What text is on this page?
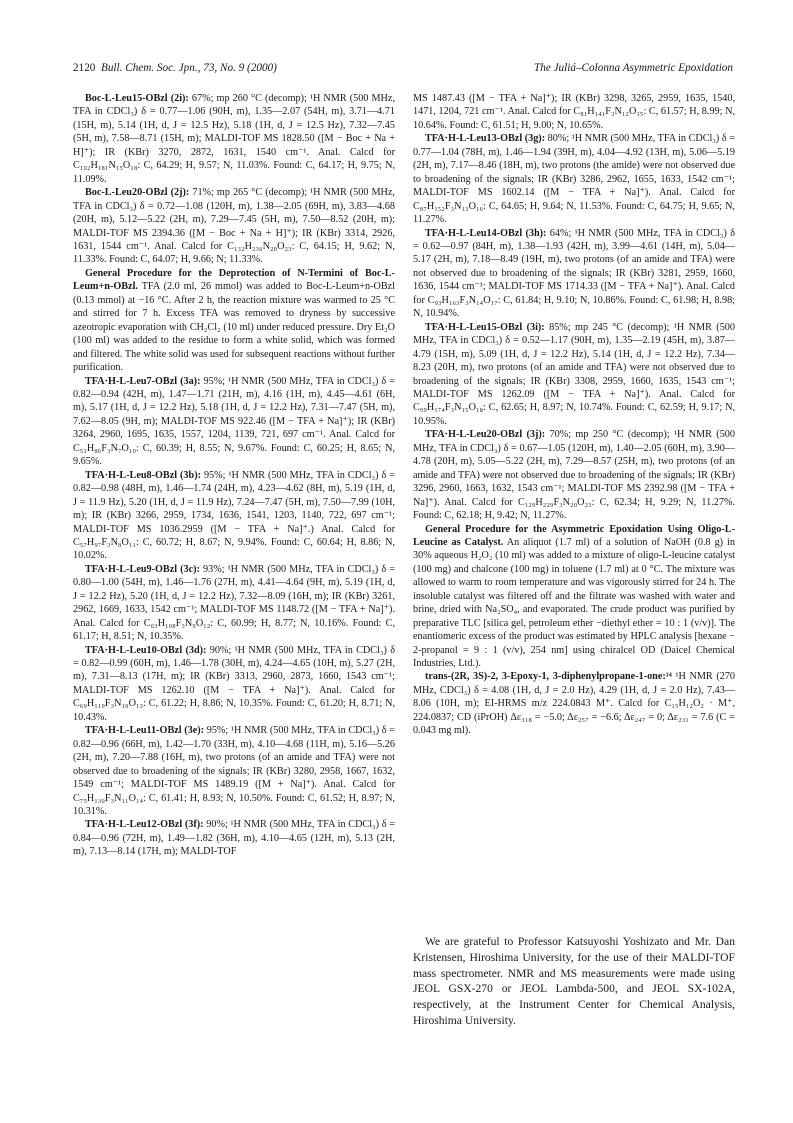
2120 Bull. Chem. Soc. Jpn., 73, No. 9 (2000)	The Juliá–Colonna Asymmetric Epoxidation

Boc-L-Leu15-OBzl (2i): 67%; mp 260 °C (decomp); ¹H NMR (500 MHz, TFA in CDCl₃) δ = 0.77—1.06 (90H, m), 1.35—2.07 (54H, m), 3.71—4.71 (15H, m), 5.14 (1H, d, J = 12.5 Hz), 5.18 (1H, d, J = 12.5 Hz), 7.32—7.45 (5H, m), 7.58—8.71 (15H, m); MALDI-TOF MS 1828.50 ([M − Boc + Na + H]⁺); IR (KBr) 3270, 2872, 1631, 1540 cm⁻¹. Anal. Calcd for C₁₀₂H₁₈₁N₁₅O₁₈: C, 64.29; H, 9.57; N, 11.03%. Found: C, 64.17; H, 9.75; N, 11.09%.

Boc-L-Leu20-OBzl (2j): 71%; mp 265 °C (decomp); ¹H NMR (500 MHz, TFA in CDCl₃) δ = 0.72—1.08 (120H, m), 1.38—2.05 (69H, m), 3.83—4.68 (20H, m), 5.12—5.22 (2H, m), 7.29—7.45 (5H, m), 7.50—8.52 (20H, m); MALDI-TOF MS 2394.36 ([M − Boc + Na + H]⁺); IR (KBr) 3314, 2926, 1631, 1544 cm⁻¹. Anal. Calcd for C₁₃₂H₂₃₆N₂₀O₂₃: C, 64.15; H, 9.62; N, 11.33%. Found: C, 64.07; H, 9.66; N; 11.33%.

General Procedure for the Deprotection of N-Termini of Boc-L-Leum+n-OBzl. TFA (2.0 ml, 26 mmol) was added to Boc-L-Leum+n-OBzl (0.13 mmol) at −16 °C. After 2 h, the reaction mixture was warmed to 25 °C and stirred for 7 h. Excess TFA was removed to dryness by successive azeotropic evaporation with CH₂Cl₂ (10 ml) under reduced pressure. Dry Et₂O (100 ml) was added to the residue to form a white solid, which was formed and filtered. The white solid was used for subsequent reactions without further purification.

TFA·H-L-Leu7-OBzl (3a): 95%; ¹H NMR (500 MHz, TFA in CDCl₃) δ = 0.82—0.94 (42H, m), 1.47—1.71 (21H, m), 4.16 (1H, m), 4.45—4.61 (6H, m), 5.17 (1H, d, J = 12.2 Hz), 5.18 (1H, d, J = 12.2 Hz), 7.31—7.47 (5H, m), 7.62—8.05 (9H, m); MALDI-TOF MS 922.46 ([M − TFA + Na]⁺); IR (KBr) 3264, 2960, 1695, 1635, 1557, 1204, 1139, 721, 697 cm⁻¹. Anal. Calcd for C₅₁H₈₆F₃N₇O₁₀: C, 60.39; H, 8.55; N, 9.67%. Found: C, 60.25; H, 8.65; N, 9.65%.

TFA·H-L-Leu8-OBzl (3b): 95%; ¹H NMR (500 MHz, TFA in CDCl₃) δ = 0.82—0.98 (48H, m), 1.46—1.74 (24H, m), 4.23—4.62 (8H, m), 5.19 (1H, d, J = 11.9 Hz), 5.20 (1H, d, J = 11.9 Hz), 7.24—7.47 (5H, m), 7.50—7.99 (10H, m); IR (KBr) 3266, 2959, 1734, 1636, 1541, 1203, 1140, 722, 697 cm⁻¹; MALDI-TOF MS 1036.2959 ([M − TFA + Na]⁺.) Anal. Calcd for C₅₇H₉₇F₃N₈O₁₁: C, 60.72; H, 8.67; N, 9.94%. Found: C, 60.64; H, 8.86; N, 10.02%.

TFA·H-L-Leu9-OBzl (3c): 93%; ¹H NMR (500 MHz, TFA in CDCl₃) δ = 0.80—1.00 (54H, m), 1.46—1.76 (27H, m), 4.41—4.64 (9H, m), 5.19 (1H, d, J = 12.2 Hz), 5.20 (1H, d, J = 12.2 Hz), 7.32—8.09 (16H, m); IR (KBr) 3261, 2962, 1669, 1633, 1542 cm⁻¹; MALDI-TOF MS 1148.72 ([M − TFA + Na]⁺). Anal. Calcd for C₆₃H₁₀₈F₃N₉O₁₂: C, 60.99; H, 8.77; N, 10.16%. Found: C, 61.17; H, 8.51; N, 10.35%.

TFA·H-L-Leu10-OBzl (3d): 90%; ¹H NMR (500 MHz, TFA in CDCl₃) δ = 0.82—0.99 (60H, m), 1.46—1.78 (30H, m), 4.24—4.65 (10H, m), 5.27 (2H, m), 7.31—8.13 (17H, m); IR (KBr) 3313, 2960, 2873, 1660, 1543 cm⁻¹; MALDI-TOF MS 1262.10 ([M − TFA + Na]⁺). Anal. Calcd for C₆₉H₁₁₉F₃N₁₀O₁₃: C, 61.22; H, 8.86; N, 10.35%. Found: C, 61.20; H, 8.71; N, 10.43%.

TFA·H-L-Leu11-OBzl (3e): 95%; ¹H NMR (500 MHz, TFA in CDCl₃) δ = 0.82—0.96 (66H, m), 1.42—1.70 (33H, m), 4.10—4.68 (11H, m), 5.16—5.26 (2H, m), 7.20—7.88 (16H, m), two protons (of an amide and TFA) were not observed due to broadening of the signals; IR (KBr) 3280, 2958, 1667, 1632, 1549 cm⁻¹; MALDI-TOF MS 1489.19 ([M + Na]⁺). Anal. Calcd for C₇₅H₁₃₀F₃N₁₁O₁₄: C, 61.41; H, 8.93; N, 10.50%. Found: C, 61.52; H, 8.97; N, 10.31%.

TFA·H-L-Leu12-OBzl (3f): 90%; ¹H NMR (500 MHz, TFA in CDCl₃) δ = 0.84—0.96 (72H, m), 1.49—1.82 (36H, m), 4.10—4.65 (12H, m), 5.13 (2H, m), 7.13—8.14 (17H, m); MALDI-TOF

MS 1487.43 ([M − TFA + Na]⁺); IR (KBr) 3298, 3265, 2959, 1635, 1540, 1471, 1204, 721 cm⁻¹. Anal. Calcd for C₈₁H₁₄₁F₃N₁₂O₁₅: C, 61.57; H, 8.99; N, 10.64%. Found: C, 61.51; H, 9.00; N, 10.65%.

TFA·H-L-Leu13-OBzl (3g): 80%; ¹H NMR (500 MHz, TFA in CDCl₃) δ = 0.77—1.04 (78H, m), 1.46—1.94 (39H, m), 4.04—4.92 (13H, m), 5.06—5.19 (2H, m), 7.17—8.46 (18H, m), two protons (the amide) were not observed due to broadening of the signals; IR (KBr) 3286, 2962, 1655, 1633, 1542 cm⁻¹; MALDI-TOF MS 1602.14 ([M − TFA + Na]⁺). Anal. Calcd for C₈₇H₁₅₂F₃N₁₃O₁₆: C, 64.65; H, 9.64; N, 11.53%. Found: C, 64.75; H, 9.65; N, 11.27%.

TFA·H-L-Leu14-OBzl (3h): 64%; ¹H NMR (500 MHz, TFA in CDCl₃) δ = 0.62—0.97 (84H, m), 1.38—1.93 (42H, m), 3.99—4.61 (14H, m), 5.04—5.17 (2H, m), 7.18—8.49 (19H, m), two protons (of an amide and TFA) were not observed due to broadening of the signals; IR (KBr) 3281, 2959, 1660, 1636, 1544 cm⁻¹; MALDI-TOF MS 1714.33 ([M − TFA + Na]⁺). Anal. Calcd for C₉₃H₁₆₃F₃N₁₄O₁₇: C, 61.84; H, 9.10; N, 10.86%. Found: C, 61.98; H, 8.98; N, 10.94%.

TFA·H-L-Leu15-OBzl (3i): 85%; mp 245 °C (decomp); ¹H NMR (500 MHz, TFA in CDCl₃) δ = 0.52—1.17 (90H, m), 1.35—2.19 (45H, m), 3.87—4.79 (15H, m), 5.09 (1H, d, J = 12.2 Hz), 5.14 (1H, d, J = 12.2 Hz), 7.34—8.23 (20H, m), two protons (of an amide and TFA) were not observed due to broadening of the signals; IR (KBr) 3308, 2959, 1660, 1635, 1543 cm⁻¹; MALDI-TOF MS 1262.09 ([M − TFA + Na]⁺). Anal. Calcd for C₉₉H₁₇₄F₃N₁₅O₁₈: C, 62.65; H, 8.97; N, 10.74%. Found: C, 62.59; H, 9.17; N, 10.95%.

TFA·H-L-Leu20-OBzl (3j): 70%; mp 250 °C (decomp); ¹H NMR (500 MHz, TFA in CDCl₃) δ = 0.67—1.05 (120H, m), 1.40—2.05 (60H, m), 3.90—4.78 (20H, m), 5.05—5.22 (2H, m), 7.29—8.57 (25H, m), two protons (of an amide and TFA) were not observed due to broadening of the signals; IR (KBr) 3296, 2960, 1663, 1632, 1543 cm⁻¹; MALDI-TOF MS 2392.98 ([M − TFA + Na]⁺). Anal. Calcd for C₁₂₉H₂₂₉F₃N₂₀O₂₃: C, 62.34; H, 9.29; N, 11.27%. Found: C, 62.18; H, 9.42; N, 11.27%.

General Procedure for the Asymmetric Epoxidation Using Oligo-L-Leucine as Catalyst. An aliquot (1.7 ml) of a solution of NaOH (0.8 g) in 30% aqueous H₂O₂ (10 ml) was added to a mixture of oligo-L-leucine catalyst (100 mg) and chalcone (100 mg) in toluene (1.7 ml) at 0 °C. The mixture was allowed to warm to room temperature and was vigorously stirred for 24 h. The insoluble catalyst was filtered off and the filtrate was washed with water and brine, dried with Na₂SO₄, and evaporated. The crude product was purified by preparative TLC [silica gel, petroleum ether −diethyl ether = 10 : 1 (v/v)]. The enantiomeric excess of the product was estimated by HPLC analysis [hexane − 2-propanol = 9 : 1 (v/v), 254 nm] using chiralcel OD (Daicel Chemical Industries, Ltd.).

trans-(2R, 3S)-2, 3-Epoxy-1, 3-diphenylpropane-1-one:¹⁴ ¹H NMR (270 MHz, CDCl₃) δ = 4.08 (1H, d, J = 2.0 Hz), 4.29 (1H, d, J = 2.0 Hz), 7.43—8.06 (10H, m); EI-HRMS m/z 224.0843 M⁺. Calcd for C₁₅H₁₂O₂ · M⁺, 224.0837; CD (iPrOH) Δε₃₁₈ = −5.0; Δε₂₅₇ = −6.6; Δε₂₄₇ = 0; Δε₂₃₁ = 7.6 (C = 0.043 mg ml).

We are grateful to Professor Katsuyoshi Yoshizato and Mr. Dan Kristensen, Hiroshima University, for the use of their MALDI-TOF mass spectrometer. NMR and MS measurements were made using JEOL GSX-270 or JEOL Lambda-500, and JEOL SX-102A, respectively, at the Instrument Center for Chemical Analysis, Hiroshima University.
